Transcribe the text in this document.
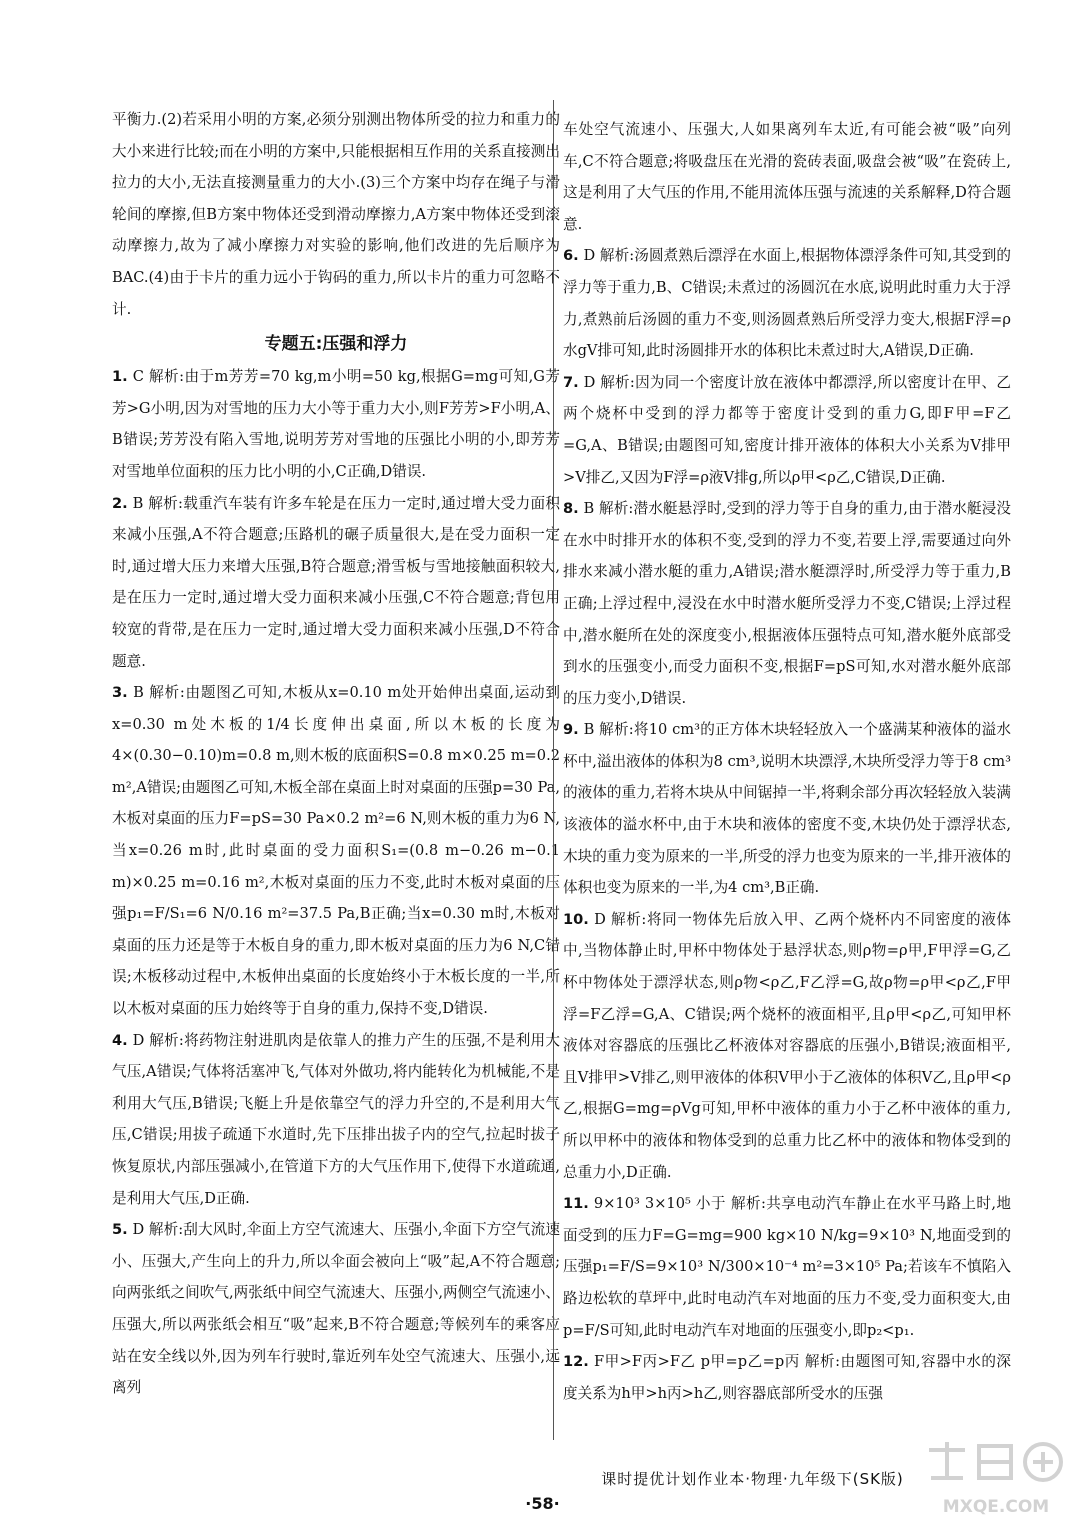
平衡力.(2)若采用小明的方案,必须分别测出物体所受的拉力和重力的大小来进行比较;而在小明的方案中,只能根据相互作用的关系直接测出拉力的大小,无法直接测量重力的大小.(3)三个方案中均存在绳子与滑轮间的摩擦,但B方案中物体还受到滑动摩擦力,A方案中物体还受到滚动摩擦力,故为了减小摩擦力对实验的影响,他们改进的先后顺序为BAC.(4)由于卡片的重力远小于钩码的重力,所以卡片的重力可忽略不计.

专题五:压强和浮力

1. C 解析:由于m芳芳=70 kg,m小明=50 kg,根据G=mg可知,G芳芳>G小明,因为对雪地的压力大小等于重力大小,则F芳芳>F小明,A、B错误;芳芳没有陷入雪地,说明芳芳对雪地的压强比小明的小,即芳芳对雪地单位面积的压力比小明的小,C正确,D错误.

2. B 解析:载重汽车装有许多车轮是在压力一定时,通过增大受力面积来减小压强,A不符合题意;压路机的碾子质量很大,是在受力面积一定时,通过增大压力来增大压强,B符合题意;滑雪板与雪地接触面积较大,是在压力一定时,通过增大受力面积来减小压强,C不符合题意;背包用较宽的背带,是在压力一定时,通过增大受力面积来减小压强,D不符合题意.

3. B 解析:由题图乙可知,木板从x=0.10 m处开始伸出桌面,运动到x=0.30 m处木板的1/4长度伸出桌面,所以木板的长度为4×(0.30−0.10)m=0.8 m,则木板的底面积S=0.8 m×0.25 m=0.2 m²,A错误;由题图乙可知,木板全部在桌面上时对桌面的压强p=30 Pa,木板对桌面的压力F=pS=30 Pa×0.2 m²=6 N,则木板的重力为6 N,当x=0.26 m时,此时桌面的受力面积S₁=(0.8 m−0.26 m−0.1 m)×0.25 m=0.16 m²,木板对桌面的压力不变,此时木板对桌面的压强p₁=F/S₁=6 N/0.16 m²=37.5 Pa,B正确;当x=0.30 m时,木板对桌面的压力还是等于木板自身的重力,即木板对桌面的压力为6 N,C错误;木板移动过程中,木板伸出桌面的长度始终小于木板长度的一半,所以木板对桌面的压力始终等于自身的重力,保持不变,D错误.

4. D 解析:将药物注射进肌肉是依靠人的推力产生的压强,不是利用大气压,A错误;气体将活塞冲飞,气体对外做功,将内能转化为机械能,不是利用大气压,B错误;飞艇上升是依靠空气的浮力升空的,不是利用大气压,C错误;用拔子疏通下水道时,先下压排出拔子内的空气,拉起时拔子恢复原状,内部压强减小,在管道下方的大气压作用下,使得下水道疏通,是利用大气压,D正确.

5. D 解析:刮大风时,伞面上方空气流速大、压强小,伞面下方空气流速小、压强大,产生向上的升力,所以伞面会被向上“吸”起,A不符合题意;向两张纸之间吹气,两张纸中间空气流速大、压强小,两侧空气流速小、压强大,所以两张纸会相互“吸”起来,B不符合题意;等候列车的乘客应站在安全线以外,因为列车行驶时,靠近列车处空气流速大、压强小,远离列

车处空气流速小、压强大,人如果离列车太近,有可能会被“吸”向列车,C不符合题意;将吸盘压在光滑的瓷砖表面,吸盘会被“吸”在瓷砖上,这是利用了大气压的作用,不能用流体压强与流速的关系解释,D符合题意.

6. D 解析:汤圆煮熟后漂浮在水面上,根据物体漂浮条件可知,其受到的浮力等于重力,B、C错误;未煮过的汤圆沉在水底,说明此时重力大于浮力,煮熟前后汤圆的重力不变,则汤圆煮熟后所受浮力变大,根据F浮=ρ水gV排可知,此时汤圆排开水的体积比未煮过时大,A错误,D正确.

7. D 解析:因为同一个密度计放在液体中都漂浮,所以密度计在甲、乙两个烧杯中受到的浮力都等于密度计受到的重力G,即F甲=F乙=G,A、B错误;由题图可知,密度计排开液体的体积大小关系为V排甲>V排乙,又因为F浮=ρ液V排g,所以ρ甲<ρ乙,C错误,D正确.

8. B 解析:潜水艇悬浮时,受到的浮力等于自身的重力,由于潜水艇浸没在水中时排开水的体积不变,受到的浮力不变,若要上浮,需要通过向外排水来减小潜水艇的重力,A错误;潜水艇漂浮时,所受浮力等于重力,B正确;上浮过程中,浸没在水中时潜水艇所受浮力不变,C错误;上浮过程中,潜水艇所在处的深度变小,根据液体压强特点可知,潜水艇外底部受到水的压强变小,而受力面积不变,根据F=pS可知,水对潜水艇外底部的压力变小,D错误.

9. B 解析:将10 cm³的正方体木块轻轻放入一个盛满某种液体的溢水杯中,溢出液体的体积为8 cm³,说明木块漂浮,木块所受浮力等于8 cm³的液体的重力,若将木块从中间锯掉一半,将剩余部分再次轻轻放入装满该液体的溢水杯中,由于木块和液体的密度不变,木块仍处于漂浮状态,木块的重力变为原来的一半,所受的浮力也变为原来的一半,排开液体的体积也变为原来的一半,为4 cm³,B正确.

10. D 解析:将同一物体先后放入甲、乙两个烧杯内不同密度的液体中,当物体静止时,甲杯中物体处于悬浮状态,则ρ物=ρ甲,F甲浮=G,乙杯中物体处于漂浮状态,则ρ物<ρ乙,F乙浮=G,故ρ物=ρ甲<ρ乙,F甲浮=F乙浮=G,A、C错误;两个烧杯的液面相平,且ρ甲<ρ乙,可知甲杯液体对容器底的压强比乙杯液体对容器底的压强小,B错误;液面相平,且V排甲>V排乙,则甲液体的体积V甲小于乙液体的体积V乙,且ρ甲<ρ乙,根据G=mg=ρVg可知,甲杯中液体的重力小于乙杯中液体的重力,所以甲杯中的液体和物体受到的总重力比乙杯中的液体和物体受到的总重力小,D正确.

11. 9×10³ 3×10⁵ 小于 解析:共享电动汽车静止在水平马路上时,地面受到的压力F=G=mg=900 kg×10 N/kg=9×10³ N,地面受到的压强p₁=F/S=9×10³ N/300×10⁻⁴ m²=3×10⁵ Pa;若该车不慎陷入路边松软的草坪中,此时电动汽车对地面的压力不变,受力面积变大,由p=F/S可知,此时电动汽车对地面的压强变小,即p₂<p₁.

12. F甲>F丙>F乙 p甲=p乙=p丙 解析:由题图可知,容器中水的深度关系为h甲>h丙>h乙,则容器底部所受水的压强

课时提优计划作业本·物理·九年级下(SK版)
·58·	MXQE.COM
